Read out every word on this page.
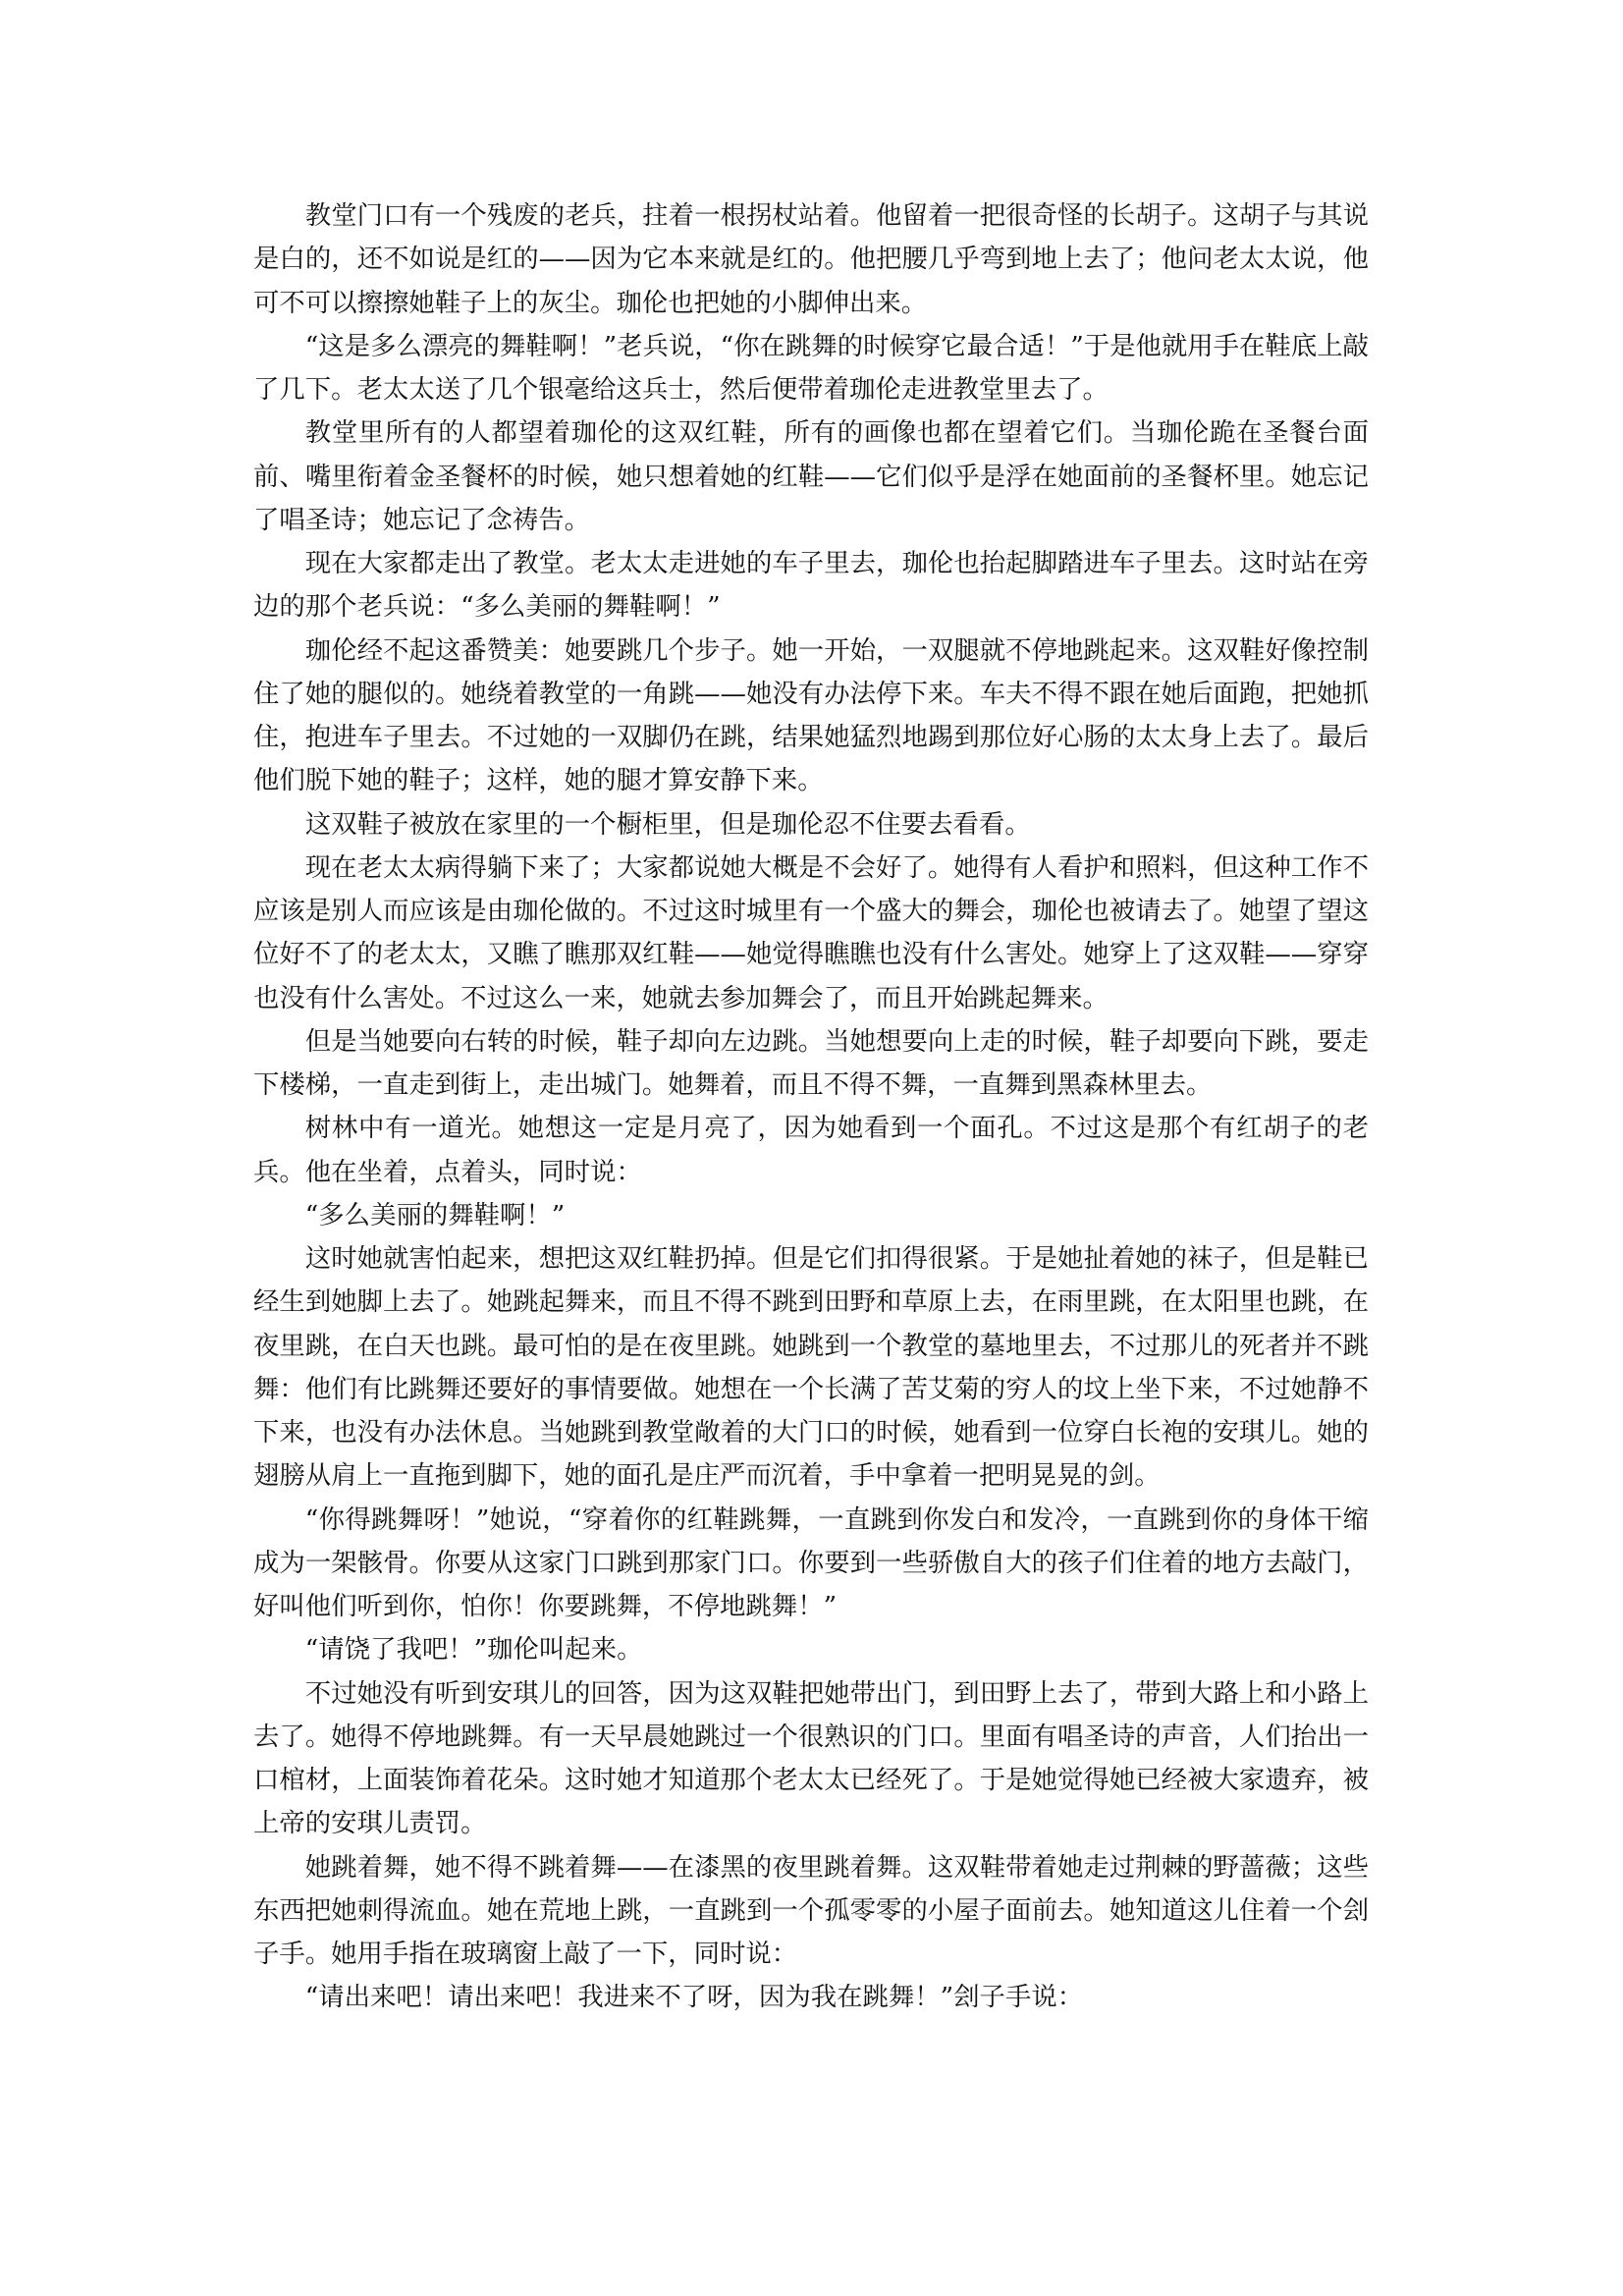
教堂门口有一个残废的老兵，拄着一根拐杖站着。他留着一把很奇怪的长胡子。这胡子与其说是白的，还不如说是红的——因为它本来就是红的。他把腰几乎弯到地上去了；他问老太太说，他可不可以擦擦她鞋子上的灰尘。珈伦也把她的小脚伸出来。

“这是多么漂亮的舞鞋啊！”老兵说，“你在跳舞的时候穿它最合适！”于是他就用手在鞋底上敲了几下。老太太送了几个银毫给这兵士，然后便带着珈伦走进教堂里去了。

教堂里所有的人都望着珈伦的这双红鞋，所有的画像也都在望着它们。当珈伦跪在圣餐台面前、嘴里衔着金圣餐杯的时候，她只想着她的红鞋——它们似乎是浮在她面前的圣餐杯里。她忘记了唱圣诗；她忘记了念祷告。

现在大家都走出了教堂。老太太走进她的车子里去，珈伦也抬起脚踏进车子里去。这时站在旁边的那个老兵说：“多么美丽的舞鞋啊！”

珈伦经不起这番赞美：她要跳几个步子。她一开始，一双腿就不停地跳起来。这双鞋好像控制住了她的腿似的。她绕着教堂的一角跳——她没有办法停下来。车夫不得不跟在她后面跑，把她抓住，抱进车子里去。不过她的一双脚仍在跳，结果她猛烈地踢到那位好心肠的太太身上去了。最后他们脱下她的鞋子；这样，她的腿才算安静下来。

这双鞋子被放在家里的一个橱柜里，但是珈伦忍不住要去看看。

现在老太太病得躺下来了；大家都说她大概是不会好了。她得有人看护和照料，但这种工作不应该是别人而应该是由珈伦做的。不过这时城里有一个盛大的舞会，珈伦也被请去了。她望了望这位好不了的老太太，又瞧了瞧那双红鞋——她觉得瞧瞧也没有什么害处。她穿上了这双鞋——穿穿也没有什么害处。不过这么一来，她就去参加舞会了，而且开始跳起舞来。

但是当她要向右转的时候，鞋子却向左边跳。当她想要向上走的时候，鞋子却要向下跳，要走下楼梯，一直走到街上，走出城门。她舞着，而且不得不舞，一直舞到黑森林里去。

树林中有一道光。她想这一定是月亮了，因为她看到一个面孔。不过这是那个有红胡子的老兵。他在坐着，点着头，同时说：

“多么美丽的舞鞋啊！”

这时她就害怕起来，想把这双红鞋扔掉。但是它们扣得很紧。于是她扯着她的袜子，但是鞋已经生到她脚上去了。她跳起舞来，而且不得不跳到田野和草原上去，在雨里跳，在太阳里也跳，在夜里跳，在白天也跳。最可怕的是在夜里跳。她跳到一个教堂的墓地里去，不过那儿的死者并不跳舞：他们有比跳舞还要好的事情要做。她想在一个长满了苦艾菊的穷人的坟上坐下来，不过她静不下来，也没有办法休息。当她跳到教堂敞着的大门口的时候，她看到一位穿白长袍的安琪儿。她的翅膀从肩上一直拖到脚下，她的面孔是庄严而沉着，手中拿着一把明晃晃的剑。

“你得跳舞呀！”她说，“穿着你的红鞋跳舞，一直跳到你发白和发冷，一直跳到你的身体干缩成为一架骸骨。你要从这家门口跳到那家门口。你要到一些骄傲自大的孩子们住着的地方去敲门，好叫他们听到你，怕你！你要跳舞，不停地跳舞！”

“请饶了我吧！”珈伦叫起来。

不过她没有听到安琪儿的回答，因为这双鞋把她带出门，到田野上去了，带到大路上和小路上去了。她得不停地跳舞。有一天早晨她跳过一个很熟识的门口。里面有唱圣诗的声音，人们抬出一口棺材，上面装饰着花朵。这时她才知道那个老太太已经死了。于是她觉得她已经被大家遗弃，被上帝的安琪儿责罚。

她跳着舞，她不得不跳着舞——在漆黑的夜里跳着舞。这双鞋带着她走过荆棘的野蔷薇；这些东西把她刺得流血。她在荒地上跳，一直跳到一个孤零零的小屋子面前去。她知道这儿住着一个刽子手。她用手指在玻璃窗上敲了一下，同时说：

“请出来吧！请出来吧！我进来不了呀，因为我在跳舞！”刽子手说：
